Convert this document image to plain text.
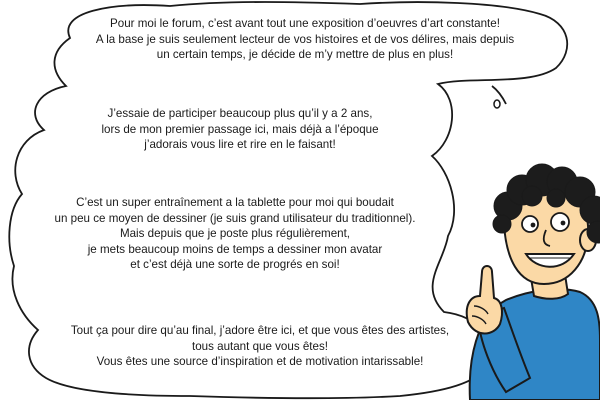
Pour moi le forum, c’est avant tout une exposition d’oeuvres d’art constante!
A la base je suis seulement lecteur de vos histoires et de vos délires, mais depuis
un certain temps, je décide de m’y mettre de plus en plus!
J’essaie de participer beaucoup plus qu’il y a 2 ans,
lors de mon premier passage ici, mais déjà a l’époque
j’adorais vous lire et rire en le faisant!
C’est un super entraînement a la tablette pour moi qui boudait
un peu ce moyen de dessiner (je suis grand utilisateur du traditionnel).
Mais depuis que je poste plus régulièrement,
je mets beaucoup moins de temps a dessiner mon avatar
et c’est déjà une sorte de progrés en soi!
Tout ça pour dire qu’au final, j’adore être ici, et que vous êtes des artistes,
tous autant que vous êtes!
Vous êtes une source d’inspiration et de motivation intarissable!
